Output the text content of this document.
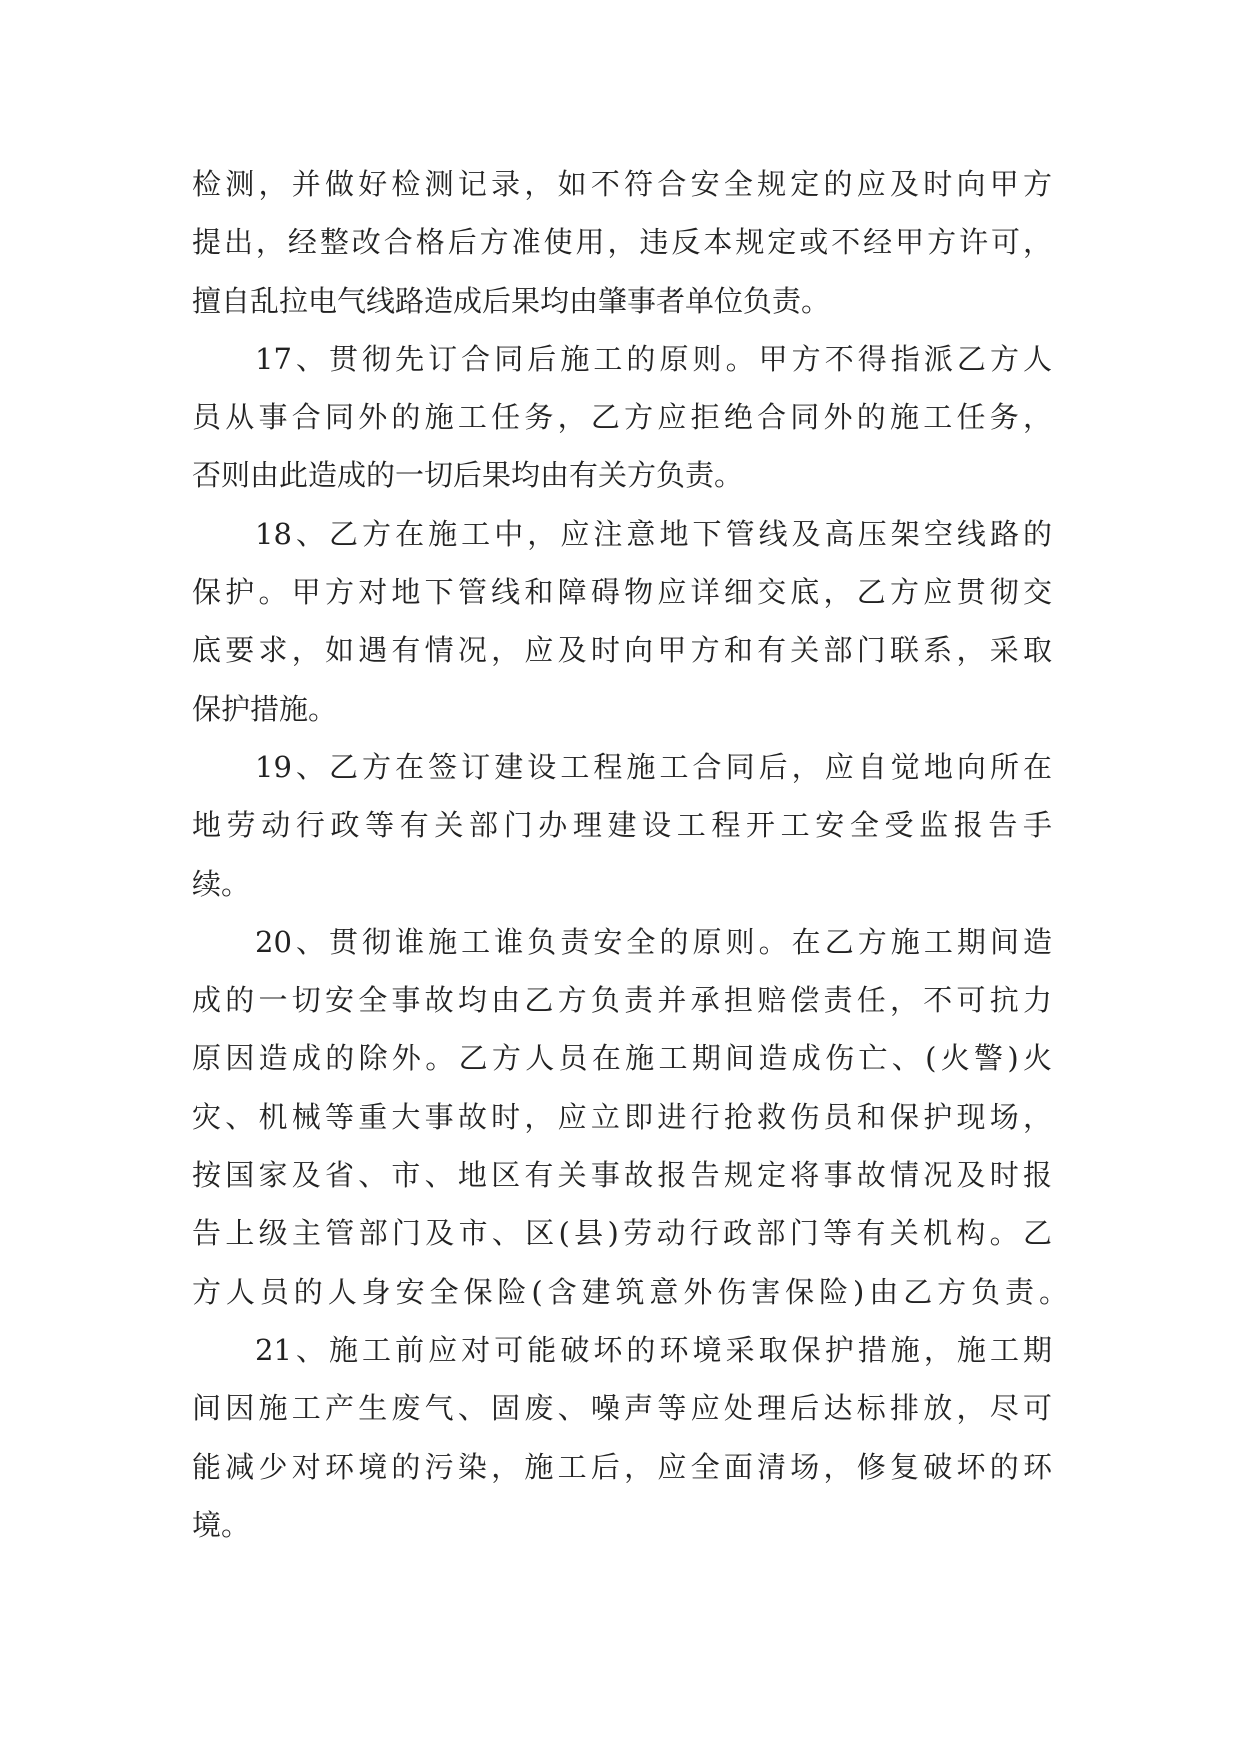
检测，并做好检测记录，如不符合安全规定的应及时向甲方
提出，经整改合格后方准使用，违反本规定或不经甲方许可，
擅自乱拉电气线路造成后果均由肇事者单位负责。
17、贯彻先订合同后施工的原则。甲方不得指派乙方人
员从事合同外的施工任务，乙方应拒绝合同外的施工任务，
否则由此造成的一切后果均由有关方负责。
18、乙方在施工中，应注意地下管线及高压架空线路的
保护。甲方对地下管线和障碍物应详细交底，乙方应贯彻交
底要求，如遇有情况，应及时向甲方和有关部门联系，采取
保护措施。
19、乙方在签订建设工程施工合同后，应自觉地向所在
地劳动行政等有关部门办理建设工程开工安全受监报告手
续。
20、贯彻谁施工谁负责安全的原则。在乙方施工期间造
成的一切安全事故均由乙方负责并承担赔偿责任，不可抗力
原因造成的除外。乙方人员在施工期间造成伤亡、(火警)火
灾、机械等重大事故时，应立即进行抢救伤员和保护现场，
按国家及省、市、地区有关事故报告规定将事故情况及时报
告上级主管部门及市、区(县)劳动行政部门等有关机构。乙
方人员的人身安全保险(含建筑意外伤害保险)由乙方负责。
21、施工前应对可能破坏的环境采取保护措施，施工期
间因施工产生废气、固废、噪声等应处理后达标排放，尽可
能减少对环境的污染，施工后，应全面清场，修复破坏的环
境。
